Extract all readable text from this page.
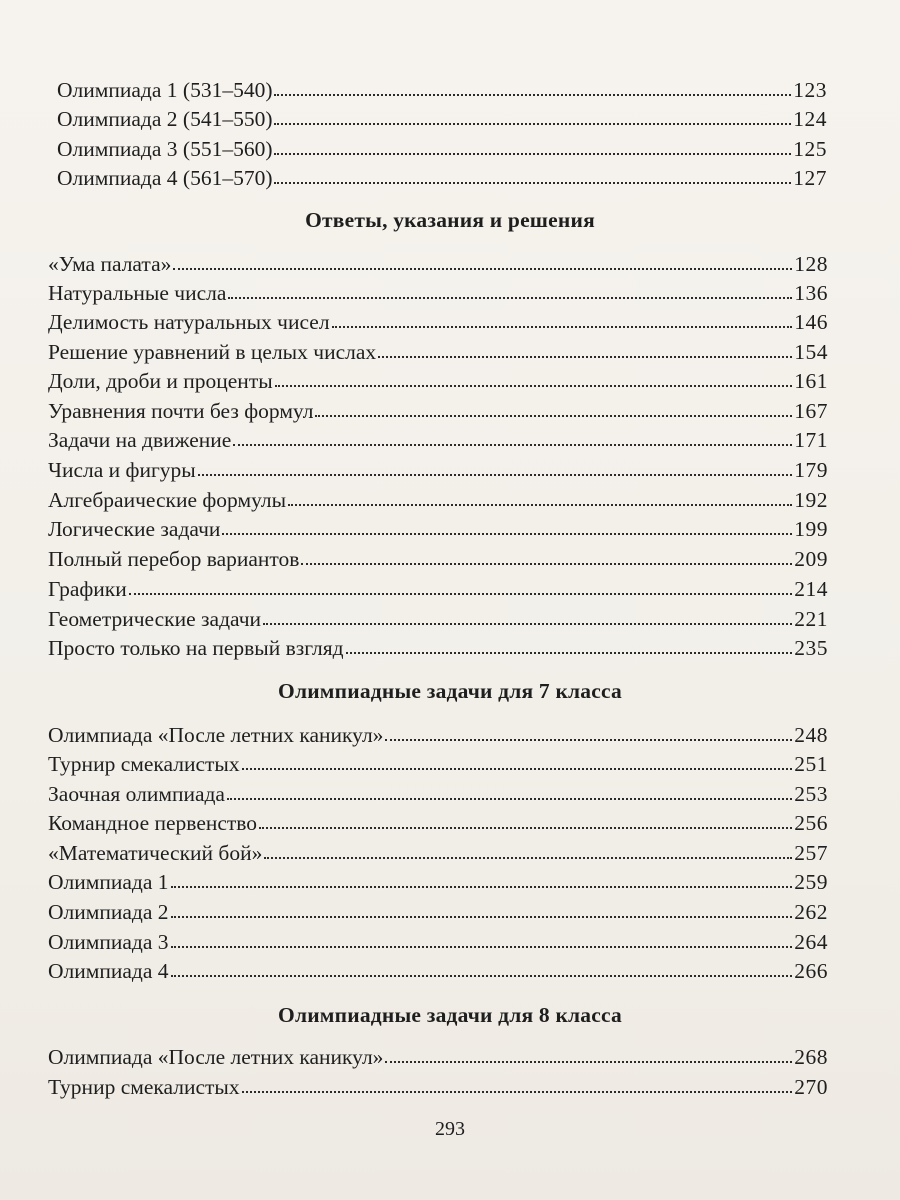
Олимпиада 1 (531–540)	123
Олимпиада 2 (541–550)	124
Олимпиада 3 (551–560)	125
Олимпиада 4 (561–570)	127
Ответы, указания и решения
«Ума палата»	128
Натуральные числа	136
Делимость натуральных чисел	146
Решение уравнений в целых числах	154
Доли, дроби и проценты	161
Уравнения почти без формул	167
Задачи на движение	171
Числа и фигуры	179
Алгебраические формулы	192
Логические задачи	199
Полный перебор вариантов	209
Графики	214
Геометрические задачи	221
Просто только на первый взгляд	235
Олимпиадные задачи для 7 класса
Олимпиада «После летних каникул»	248
Турнир смекалистых	251
Заочная олимпиада	253
Командное первенство	256
«Математический бой»	257
Олимпиада 1	259
Олимпиада 2	262
Олимпиада 3	264
Олимпиада 4	266
Олимпиадные задачи для 8 класса
Олимпиада «После летних каникул»	268
Турнир смекалистых	270
293
